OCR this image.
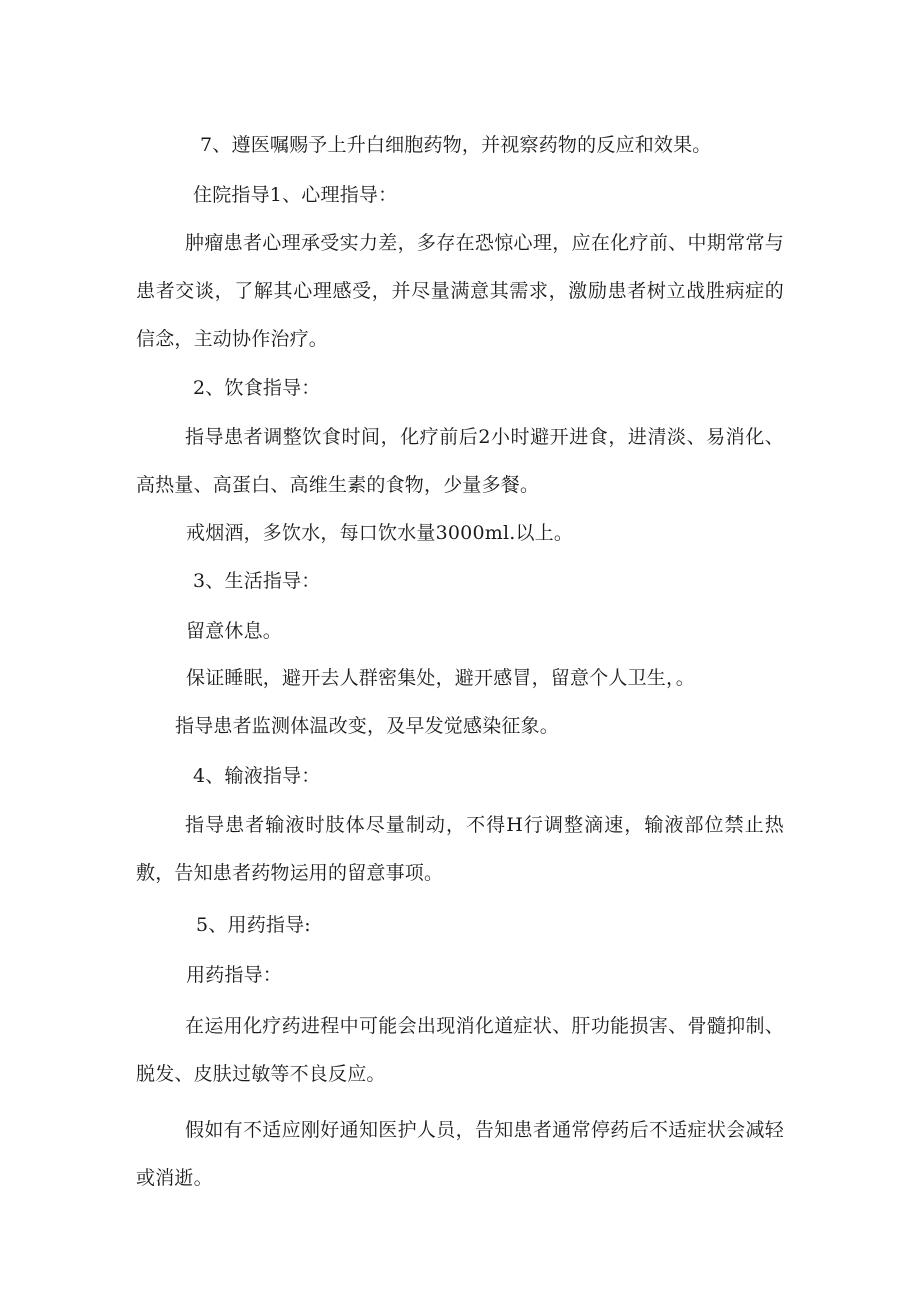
7、遵医嘱赐予上升白细胞药物，并视察药物的反应和效果。
住院指导1、心理指导：
肿瘤患者心理承受实力差，多存在恐惊心理，应在化疗前、中期常常与患者交谈，了解其心理感受，并尽量满意其需求，激励患者树立战胜病症的信念，主动协作治疗。
2、饮食指导：
指导患者调整饮食时间，化疗前后2小时避开进食，进清淡、易消化、高热量、高蛋白、高维生素的食物，少量多餐。
戒烟酒，多饮水，每口饮水量3000ml.以上。
3、生活指导：
留意休息。
保证睡眠，避开去人群密集处，避开感冒，留意个人卫生，。
指导患者监测体温改变，及早发觉感染征象。
4、输液指导：
指导患者输液时肢体尽量制动，不得H行调整滴速，输液部位禁止热敷，告知患者药物运用的留意事项。
5、用药指导:
用药指导：
在运用化疗药进程中可能会出现消化道症状、肝功能损害、骨髓抑制、脱发、皮肤过敏等不良反应。
假如有不适应刚好通知医护人员，告知患者通常停药后不适症状会减轻或消逝。
